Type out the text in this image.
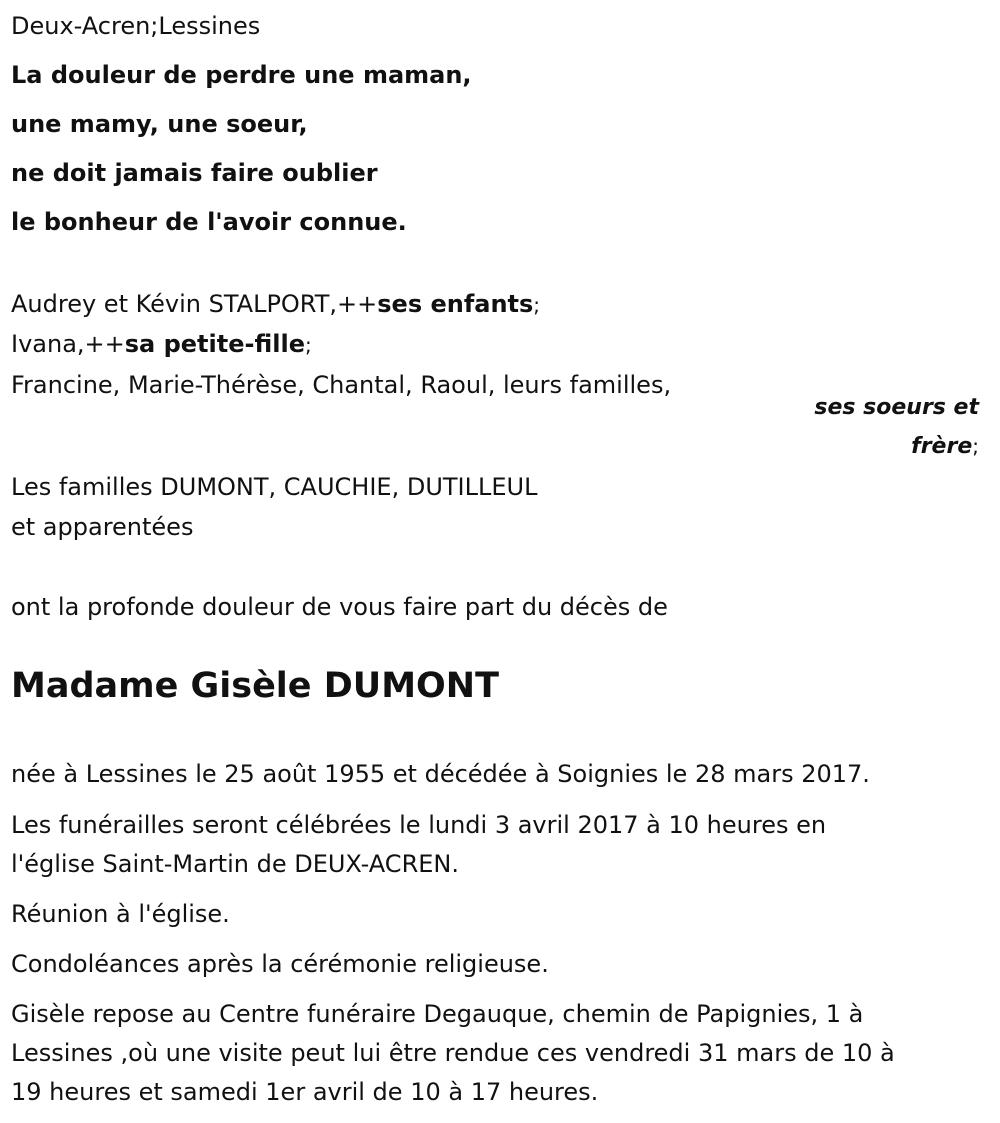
Deux-Acren;Lessines
La douleur de perdre une maman,
une mamy, une soeur,
ne doit jamais faire oublier
le bonheur de l'avoir connue.
Audrey et Kévin STALPORT,++ses enfants;
Ivana,++sa petite-fille;
Francine, Marie-Thérèse, Chantal, Raoul, leurs familles,
ses soeurs et
frère;
Les familles DUMONT, CAUCHIE, DUTILLEUL
et apparentées
ont la profonde douleur de vous faire part du décès de
Madame Gisèle DUMONT
née à Lessines le 25 août 1955 et décédée à Soignies le 28 mars 2017.
Les funérailles seront célébrées le lundi 3 avril 2017 à 10 heures en
l'église Saint-Martin de DEUX-ACREN.
Réunion à l'église.
Condoléances après la cérémonie religieuse.
Gisèle repose au Centre funéraire Degauque, chemin de Papignies, 1 à
Lessines ,où une visite peut lui être rendue ces vendredi 31 mars de 10 à
19 heures et samedi 1er avril de 10 à 17 heures.
